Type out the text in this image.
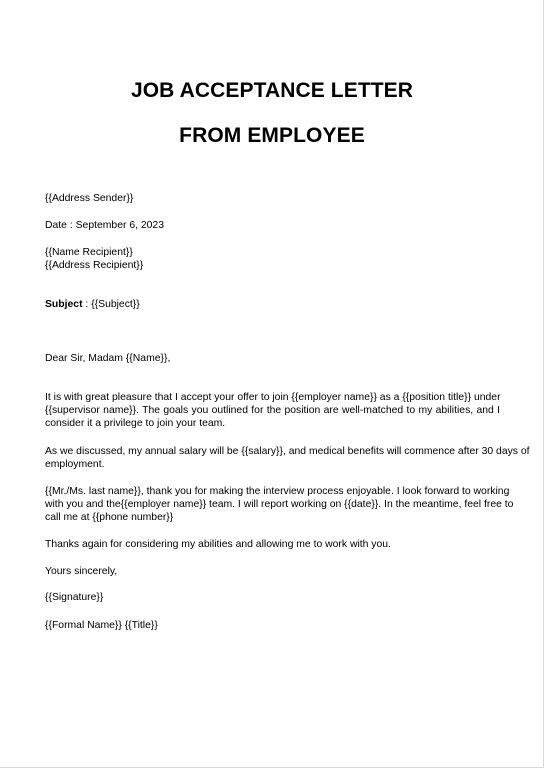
JOB ACCEPTANCE LETTER
FROM EMPLOYEE
{{Address Sender}}
Date : September 6, 2023
{{Name Recipient}}
{{Address Recipient}}
Subject : {{Subject}}
Dear Sir, Madam {{Name}},
It is with great pleasure that I accept your offer to join {{employer name}} as a {{position title}} under
{{supervisor name}}. The goals you outlined for the position are well-matched to my abilities, and I
consider it a privilege to join your team.
As we discussed, my annual salary will be {{salary}}, and medical benefits will commence after 30 days of
employment.
{{Mr./Ms. last name}}, thank you for making the interview process enjoyable. I look forward to working
with you and the{{employer name}} team. I will report working on {{date}}. In the meantime, feel free to
call me at {{phone number}}
Thanks again for considering my abilities and allowing me to work with you.
Yours sincerely,
{{Signature}}
{{Formal Name}} {{Title}}
